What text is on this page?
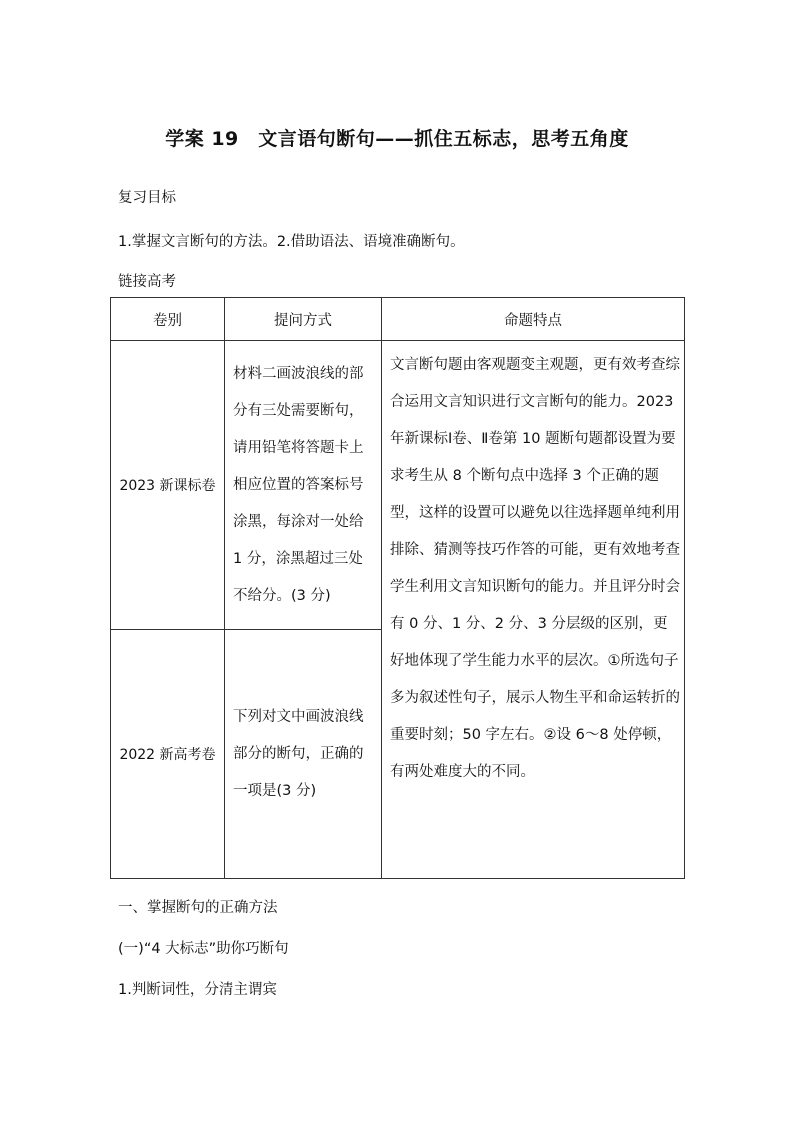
学案 19　文言语句断句——抓住五标志，思考五角度
复习目标
1.掌握文言断句的方法。2.借助语法、语境准确断句。
链接高考
卷别	提问方式	命题特点
2023 新课标卷	材料二画波浪线的部分有三处需要断句，请用铅笔将答题卡上相应位置的答案标号涂黑，每涂对一处给 1 分，涂黑超过三处不给分。(3 分)	文言断句题由客观题变主观题，更有效考查综合运用文言知识进行文言断句的能力。2023 年新课标Ⅰ卷、Ⅱ卷第 10 题断句题都设置为要求考生从 8 个断句点中选择 3 个正确的题型，这样的设置可以避免以往选择题单纯利用排除、猜测等技巧作答的可能，更有效地考查学生利用文言知识断句的能力。并且评分时会有 0 分、1 分、2 分、3 分层级的区别，更好地体现了学生能力水平的层次。①所选句子多为叙述性句子，展示人物生平和命运转折的重要时刻；50 字左右。②设 6～8 处停顿，有两处难度大的不同。
2022 新高考卷	下列对文中画波浪线部分的断句，正确的一项是(3 分)	
一、掌握断句的正确方法
(一)“4 大标志”助你巧断句
1.判断词性，分清主谓宾
